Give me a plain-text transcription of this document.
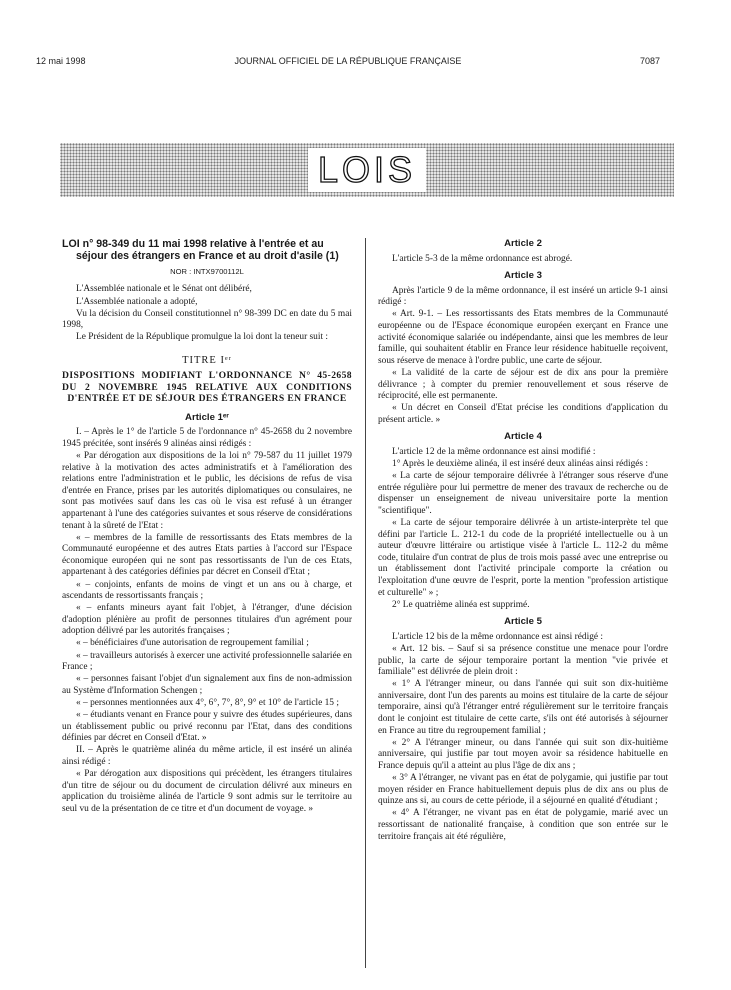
12 mai 1998	JOURNAL OFFICIEL DE LA RÉPUBLIQUE FRANÇAISE	7087
LOIS
LOI n° 98-349 du 11 mai 1998 relative à l'entrée et au séjour des étrangers en France et au droit d'asile (1)
NOR : INTX9700112L

L'Assemblée nationale et le Sénat ont délibéré,

L'Assemblée nationale a adopté,

Vu la décision du Conseil constitutionnel n° 98-399 DC en date du 5 mai 1998,

Le Président de la République promulgue la loi dont la teneur suit :

TITRE Iᵉʳ
DISPOSITIONS MODIFIANT L'ORDONNANCE N° 45-2658 DU 2 NOVEMBRE 1945 RELATIVE AUX CONDITIONS D'ENTRÉE ET DE SÉJOUR DES ÉTRANGERS EN FRANCE
Article 1ᵉʳ

I. – Après le 1° de l'article 5 de l'ordonnance n° 45-2658 du 2 novembre 1945 précitée, sont insérés 9 alinéas ainsi rédigés :

« Par dérogation aux dispositions de la loi n° 79-587 du 11 juillet 1979 relative à la motivation des actes administratifs et à l'amélioration des relations entre l'administration et le public, les décisions de refus de visa d'entrée en France, prises par les autorités diplomatiques ou consulaires, ne sont pas motivées sauf dans les cas où le visa est refusé à un étranger appartenant à l'une des catégories suivantes et sous réserve de considérations tenant à la sûreté de l'Etat :

« – membres de la famille de ressortissants des Etats membres de la Communauté européenne et des autres Etats parties à l'accord sur l'Espace économique européen qui ne sont pas ressortissants de l'un de ces Etats, appartenant à des catégories définies par décret en Conseil d'Etat ;

« – conjoints, enfants de moins de vingt et un ans ou à charge, et ascendants de ressortissants français ;

« – enfants mineurs ayant fait l'objet, à l'étranger, d'une décision d'adoption plénière au profit de personnes titulaires d'un agrément pour adoption délivré par les autorités françaises ;

« – bénéficiaires d'une autorisation de regroupement familial ;

« – travailleurs autorisés à exercer une activité professionnelle salariée en France ;

« – personnes faisant l'objet d'un signalement aux fins de non-admission au Système d'Information Schengen ;

« – personnes mentionnées aux 4°, 6°, 7°, 8°, 9° et 10° de l'article 15 ;

« – étudiants venant en France pour y suivre des études supérieures, dans un établissement public ou privé reconnu par l'Etat, dans des conditions définies par décret en Conseil d'Etat. »

II. – Après le quatrième alinéa du même article, il est inséré un alinéa ainsi rédigé :

« Par dérogation aux dispositions qui précèdent, les étrangers titulaires d'un titre de séjour ou du document de circulation délivré aux mineurs en application du troisième alinéa de l'article 9 sont admis sur le territoire au seul vu de la présentation de ce titre et d'un document de voyage. »

Article 2

L'article 5-3 de la même ordonnance est abrogé.

Article 3

Après l'article 9 de la même ordonnance, il est inséré un article 9-1 ainsi rédigé :

« Art. 9-1. – Les ressortissants des Etats membres de la Communauté européenne ou de l'Espace économique européen exerçant en France une activité économique salariée ou indépendante, ainsi que les membres de leur famille, qui souhaitent établir en France leur résidence habituelle reçoivent, sous réserve de menace à l'ordre public, une carte de séjour.

« La validité de la carte de séjour est de dix ans pour la première délivrance ; à compter du premier renouvellement et sous réserve de réciprocité, elle est permanente.

« Un décret en Conseil d'Etat précise les conditions d'application du présent article. »

Article 4

L'article 12 de la même ordonnance est ainsi modifié :

1° Après le deuxième alinéa, il est inséré deux alinéas ainsi rédigés :

« La carte de séjour temporaire délivrée à l'étranger sous réserve d'une entrée régulière pour lui permettre de mener des travaux de recherche ou de dispenser un enseignement de niveau universitaire porte la mention "scientifique".

« La carte de séjour temporaire délivrée à un artiste-interprète tel que défini par l'article L. 212-1 du code de la propriété intellectuelle ou à un auteur d'œuvre littéraire ou artistique visée à l'article L. 112-2 du même code, titulaire d'un contrat de plus de trois mois passé avec une entreprise ou un établissement dont l'activité principale comporte la création ou l'exploitation d'une œuvre de l'esprit, porte la mention "profession artistique et culturelle" » ;

2° Le quatrième alinéa est supprimé.

Article 5

L'article 12 bis de la même ordonnance est ainsi rédigé :

« Art. 12 bis. – Sauf si sa présence constitue une menace pour l'ordre public, la carte de séjour temporaire portant la mention "vie privée et familiale" est délivrée de plein droit :

« 1° A l'étranger mineur, ou dans l'année qui suit son dix-huitième anniversaire, dont l'un des parents au moins est titulaire de la carte de séjour temporaire, ainsi qu'à l'étranger entré régulièrement sur le territoire français dont le conjoint est titulaire de cette carte, s'ils ont été autorisés à séjourner en France au titre du regroupement familial ;

« 2° A l'étranger mineur, ou dans l'année qui suit son dix-huitième anniversaire, qui justifie par tout moyen avoir sa résidence habituelle en France depuis qu'il a atteint au plus l'âge de dix ans ;

« 3° A l'étranger, ne vivant pas en état de polygamie, qui justifie par tout moyen résider en France habituellement depuis plus de dix ans ou plus de quinze ans si, au cours de cette période, il a séjourné en qualité d'étudiant ;

« 4° A l'étranger, ne vivant pas en état de polygamie, marié avec un ressortissant de nationalité française, à condition que son entrée sur le territoire français ait été régulière,
